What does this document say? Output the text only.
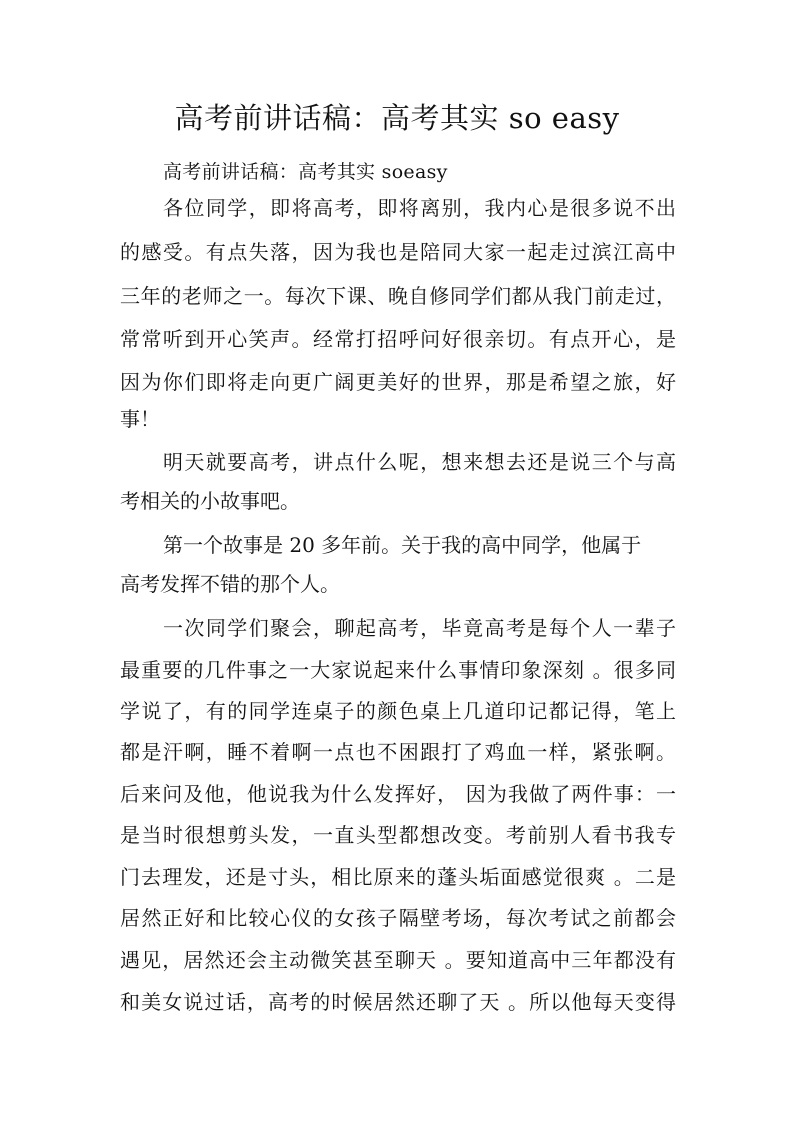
高考前讲话稿：高考其实 so easy
高考前讲话稿：高考其实 soeasy
各位同学，即将高考，即将离别，我内心是很多说不出
的感受。有点失落，因为我也是陪同大家一起走过滨江高中
三年的老师之一。每次下课、晚自修同学们都从我门前走过，
常常听到开心笑声。经常打招呼问好很亲切。有点开心，是
因为你们即将走向更广阔更美好的世界，那是希望之旅，好
事！
明天就要高考，讲点什么呢，想来想去还是说三个与高
考相关的小故事吧。
第一个故事是 20 多年前。关于我的高中同学，他属于
高考发挥不错的那个人。
一次同学们聚会，聊起高考，毕竟高考是每个人一辈子
最重要的几件事之一大家说起来什么事情印象深刻 。很多同
学说了，有的同学连桌子的颜色桌上几道印记都记得，笔上
都是汗啊，睡不着啊一点也不困跟打了鸡血一样，紧张啊。
后来问及他，他说我为什么发挥好， 因为我做了两件事：一
是当时很想剪头发，一直头型都想改变。考前别人看书我专
门去理发，还是寸头，相比原来的蓬头垢面感觉很爽 。二是
居然正好和比较心仪的女孩子隔壁考场，每次考试之前都会
遇见，居然还会主动微笑甚至聊天 。要知道高中三年都没有
和美女说过话，高考的时候居然还聊了天 。所以他每天变得
